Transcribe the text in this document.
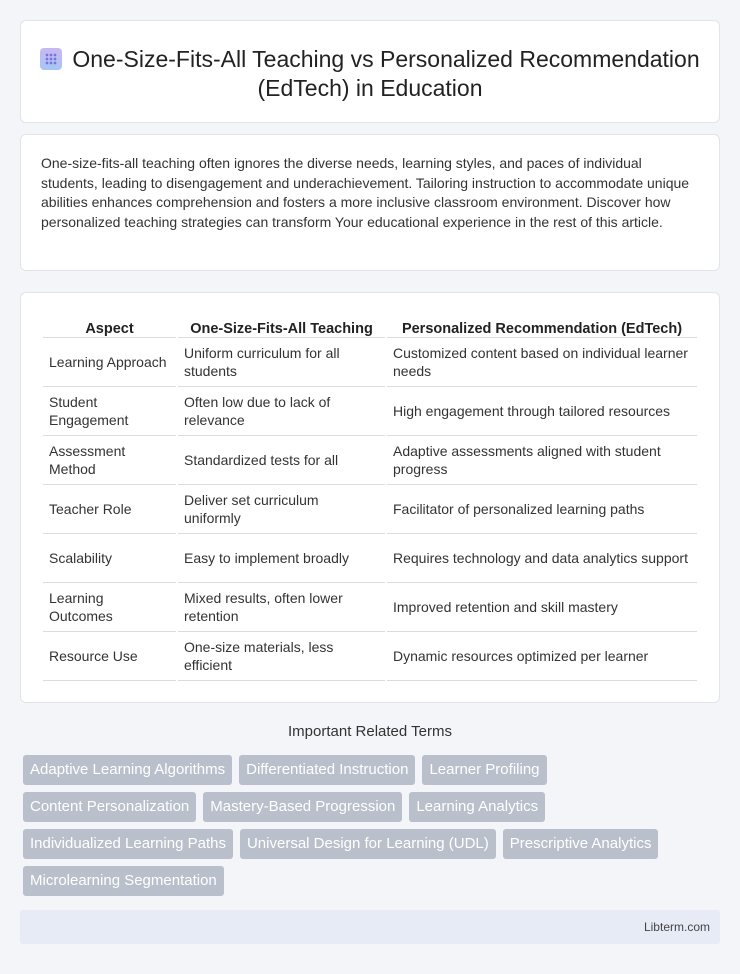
One-Size-Fits-All Teaching vs Personalized Recommendation (EdTech) in Education

One-size-fits-all teaching often ignores the diverse needs, learning styles, and paces of individual students, leading to disengagement and underachievement. Tailoring instruction to accommodate unique abilities enhances comprehension and fosters a more inclusive classroom environment. Discover how personalized teaching strategies can transform Your educational experience in the rest of this article.

Aspect	One-Size-Fits-All Teaching	Personalized Recommendation (EdTech)
Learning Approach	Uniform curriculum for all students	Customized content based on individual learner needs
Student Engagement	Often low due to lack of relevance	High engagement through tailored resources
Assessment Method	Standardized tests for all	Adaptive assessments aligned with student progress
Teacher Role	Deliver set curriculum uniformly	Facilitator of personalized learning paths
Scalability	Easy to implement broadly	Requires technology and data analytics support
Learning Outcomes	Mixed results, often lower retention	Improved retention and skill mastery
Resource Use	One-size materials, less efficient	Dynamic resources optimized per learner
Important Related Terms
Adaptive Learning Algorithms	Differentiated Instruction	Learner Profiling
Content Personalization	Mastery-Based Progression	Learning Analytics
Individualized Learning Paths	Universal Design for Learning (UDL)	Prescriptive Analytics
Microlearning Segmentation
Libterm.com
